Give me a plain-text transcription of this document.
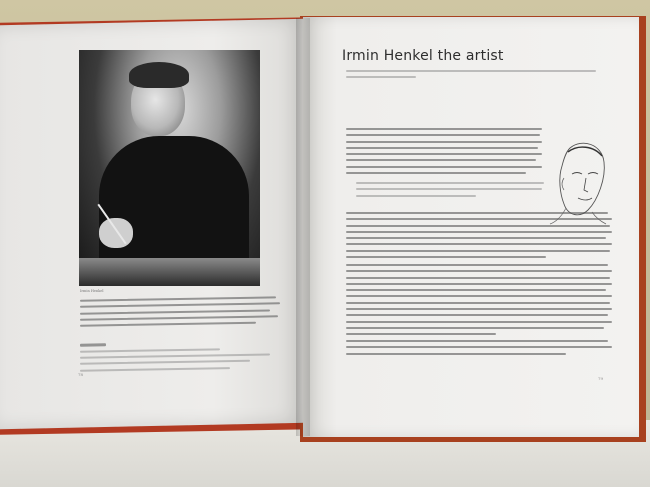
Irmin Henkel
78
Irmin Henkel the artist
79
